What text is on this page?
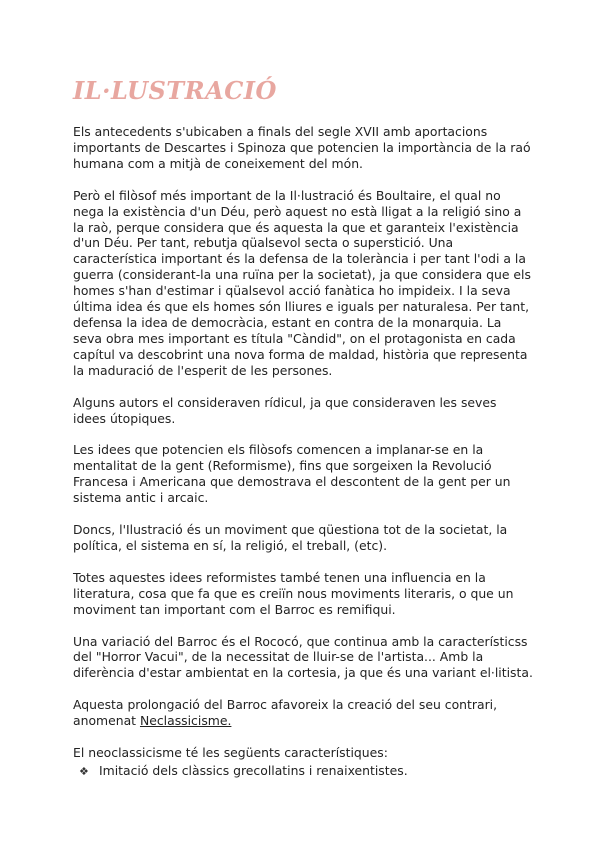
IL·LUSTRACIÓ

Els antecedents s'ubicaben a finals del segle XVII amb aportacions importants de Descartes i Spinoza que potencien la importància de la raó humana com a mitjà de coneixement del món.

Però el filòsof més important de la Il·lustració és Boultaire, el qual no nega la existència d'un Déu, però aquest no està lligat a la religió sino a la raò, perque considera que és aquesta la que et garanteix l'existència d'un Déu. Per tant, rebutja qüalsevol secta o superstició. Una característica important és la defensa de la tolerància i per tant l'odi a la guerra (considerant-la una ruïna per la societat), ja que considera que els homes s'han d'estimar i qüalsevol acció fanàtica ho impideix. I la seva última idea és que els homes són lliures e iguals per naturalesa. Per tant, defensa la idea de democràcia, estant en contra de la monarquia. La seva obra mes important es títula "Càndid", on el protagonista en cada capítul va descobrint una nova forma de maldad, història que representa la maduració de l'esperit de les persones.

Alguns autors el consideraven rídicul, ja que consideraven les seves idees útopiques.

Les idees que potencien els filòsofs comencen a implanar-se en la mentalitat de la gent (Reformisme), fins que sorgeixen la Revolució Francesa i Americana que demostrava el descontent de la gent per un sistema antic i arcaic.

Doncs, l'Ilustració és un moviment que qüestiona tot de la societat, la política, el sistema en sí, la religió, el treball, (etc).

Totes aquestes idees reformistes també tenen una influencia en la literatura, cosa que fa que es creiïn nous moviments literaris, o que un moviment tan important com el Barroc es remifiqui.

Una variació del Barroc és el Rococó, que continua amb la característicss del "Horror Vacui", de la necessitat de lluir-se de l'artista... Amb la diferència d'estar ambientat en la cortesia, ja que és una variant el·litista.

Aquesta prolongació del Barroc afavoreix la creació del seu contrari, anomenat Neclassicisme.

El neoclassicisme té les següents característiques:

❖ Imitació dels clàssics grecollatins i renaixentistes.
